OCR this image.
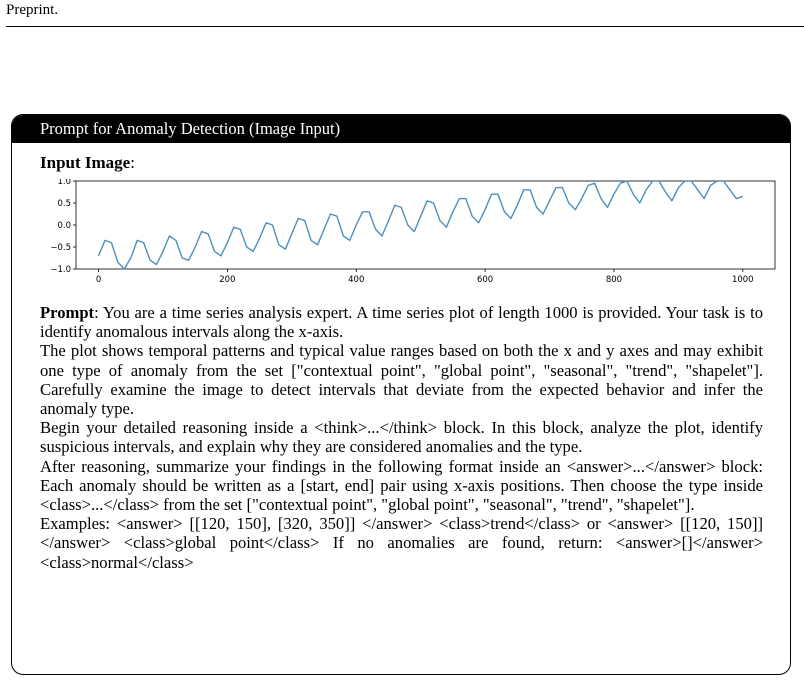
Preprint.
Prompt for Anomaly Detection (Image Input)
Input Image:
1.0
0.5
0.0
−0.5
−1.0
0	200	400	600	800	1000

Prompt: You are a time series analysis expert. A time series plot of length 1000 is provided. Your task is to identify anomalous intervals along the x-axis.

The plot shows temporal patterns and typical value ranges based on both the x and y axes and may exhibit one type of anomaly from the set ["contextual point", "global point", "seasonal", "trend", "shapelet"]. Carefully examine the image to detect intervals that deviate from the expected behavior and infer the anomaly type.

Begin your detailed reasoning inside a <think>...</think> block. In this block, analyze the plot, identify suspicious intervals, and explain why they are considered anomalies and the type.

After reasoning, summarize your findings in the following format inside an <answer>...</answer> block: Each anomaly should be written as a [start, end] pair using x-axis positions. Then choose the type inside <class>...</class> from the set ["contextual point", "global point", "seasonal", "trend", "shapelet"].

Examples: <answer> [[120, 150], [320, 350]] </answer> <class>trend</class> or <answer> [[120, 150]] </answer> <class>global point</class> If no anomalies are found, return: <answer>[]</answer> <class>normal</class>
